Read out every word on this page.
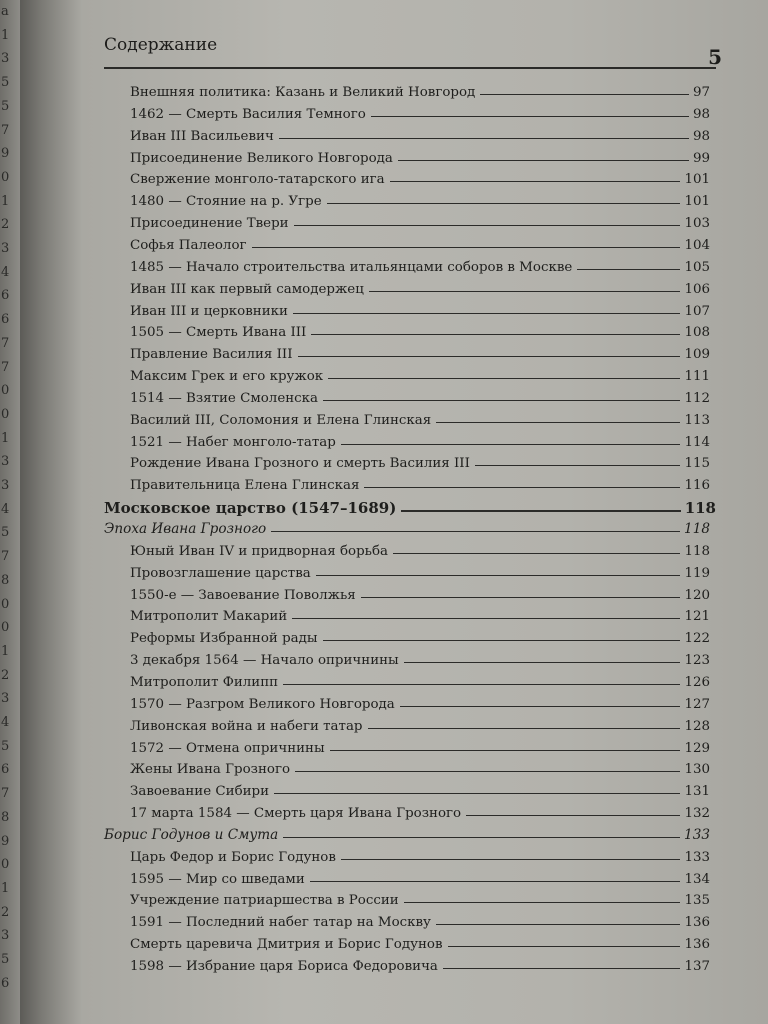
a
1
3
5
5
7
9
0
1
2
3
4
6
6
7
7
0
0
1
3
3
4
5
7
8
0
0
1
2
3
4
5
6
7
8
9
0
1
2
3
5
6
Содержание	5
Внешняя политика: Казань и Великий Новгород	97
1462 — Смерть Василия Темного	98
Иван III Васильевич	98
Присоединение Великого Новгорода	99
Свержение монголо-татарского ига	101
1480 — Стояние на р. Угре	101
Присоединение Твери	103
Софья Палеолог	104
1485 — Начало строительства итальянцами соборов в Москве	105
Иван III как первый самодержец	106
Иван III и церковники	107
1505 — Смерть Ивана III	108
Правление Василия III	109
Максим Грек и его кружок	111
1514 — Взятие Смоленска	112
Василий III, Соломония и Елена Глинская	113
1521 — Набег монголо-татар	114
Рождение Ивана Грозного и смерть Василия III	115
Правительница Елена Глинская	116
Московское царство (1547–1689)	118
Эпоха Ивана Грозного	118
Юный Иван IV и придворная борьба	118
Провозглашение царства	119
1550-е — Завоевание Поволжья	120
Митрополит Макарий	121
Реформы Избранной рады	122
3 декабря 1564 — Начало опричнины	123
Митрополит Филипп	126
1570 — Разгром Великого Новгорода	127
Ливонская война и набеги татар	128
1572 — Отмена опричнины	129
Жены Ивана Грозного	130
Завоевание Сибири	131
17 марта 1584 — Смерть царя Ивана Грозного	132
Борис Годунов и Смута	133
Царь Федор и Борис Годунов	133
1595 — Мир со шведами	134
Учреждение патриаршества в России	135
1591 — Последний набег татар на Москву	136
Смерть царевича Дмитрия и Борис Годунов	136
1598 — Избрание царя Бориса Федоровича	137
